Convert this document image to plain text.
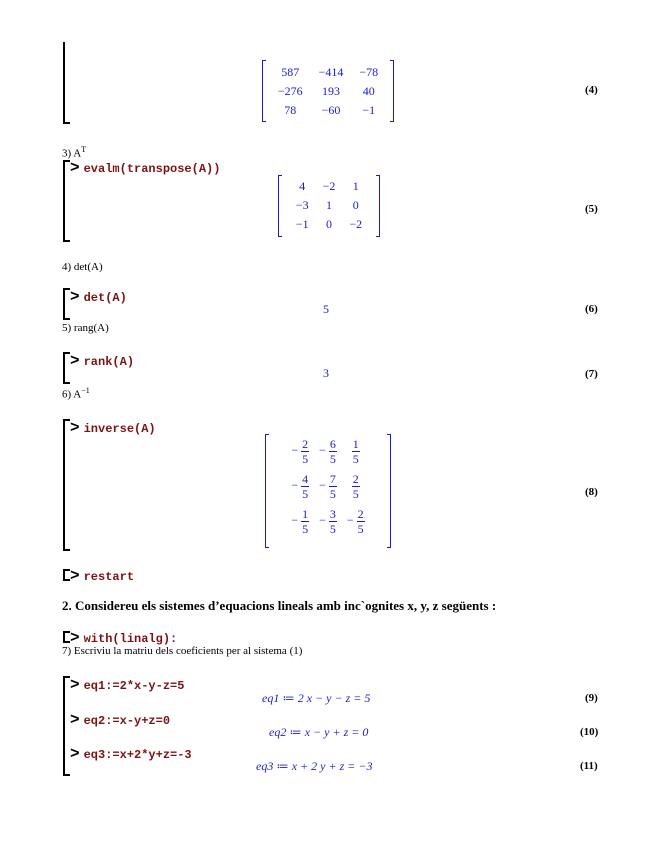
587	−414	−78
−276	193	40
78	−60	−1
(4)
3) $A^T$
> evalm(transpose(A))
4	−2	1
−3	1	0
−1	0	−2
(5)
4) det(A)
> det(A)
5	(6)
5) rang(A)
> rank(A)
3	(7)
6) $A^{-1}$
> inverse(A)
− $\frac{2}{5}$	− $\frac{6}{5}$	$\frac{1}{5}$

− $\frac{4}{5}$	− $\frac{7}{5}$	$\frac{2}{5}$

− $\frac{1}{5}$	− $\frac{3}{5}$	− $\frac{2}{5}$
(8)
> restart
2. Considereu els sistemes d’equacions lineals amb inc`ognites x, y, z següents :
> with(linalg):
7) Escriviu la matriu dels coeficients per al sistema (1)
> eq1:=2*x-y-z=5
eq1 ≔ 2 x − y − z = 5	(9)
> eq2:=x-y+z=0
eq2 ≔ x − y + z = 0	(10)
> eq3:=x+2*y+z=-3
eq3 ≔ x + 2 y + z = −3	(11)
